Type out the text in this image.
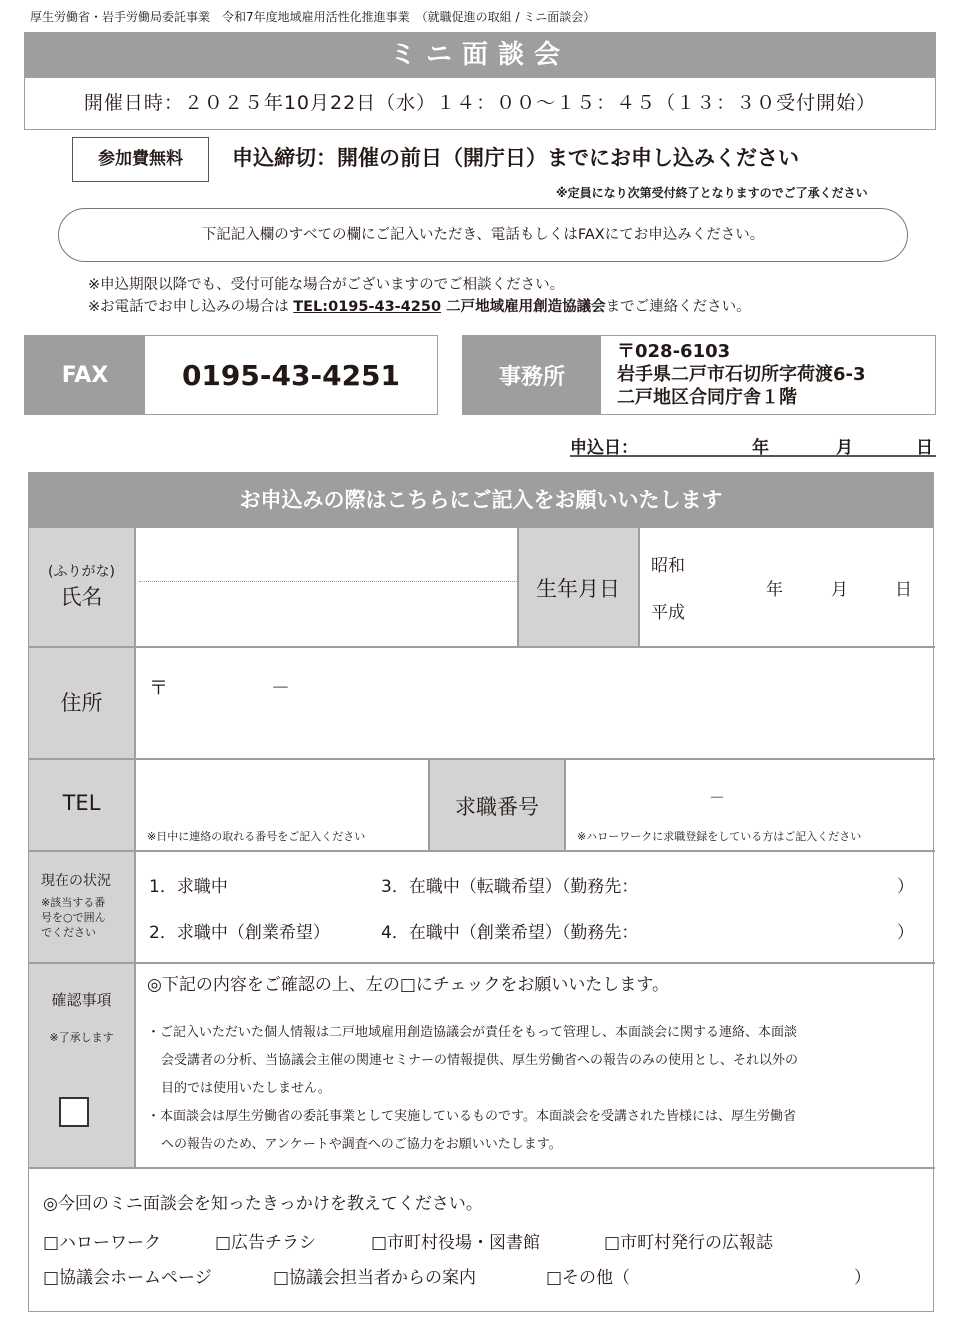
厚生労働省・岩手労働局委託事業　令和7年度地域雇用活性化推進事業　（就職促進の取組 / ミニ面談会）
ミニ面談会
開催日時：２０２５年10月22日（水）１４：００～１５：４５（１３：３０受付開始）
参加費無料	申込締切：開催の前日（開庁日）までにお申し込みください
※定員になり次第受付終了となりますのでご了承ください
下記記入欄のすべての欄にご記入いただき、電話もしくはFAXにてお申込みください。
※申込期限以降でも、受付可能な場合がございますのでご相談ください。
※お電話でお申し込みの場合は TEL:0195-43-4250 二戸地域雇用創造協議会までご連絡ください。
FAX	0195-43-4251	事務所
〒028-6103
岩手県二戸市石切所字荷渡6-3
二戸地区合同庁舎１階
申込日：	年	月	日
お申込みの際はこちらにご記入をお願いいたします
(ふりがな)
氏名	生年月日
昭和
平成
年	月	日
住所
〒	－
TEL
※日中に連絡の取れる番号をご記入ください
求職番号	－
※ハローワークに求職登録をしている方はご記入ください
現在の状況
※該当する番
号を○で囲ん
でください
1．求職中
2．求職中（創業希望）
3．在職中（転職希望）（勤務先：
4．在職中（創業希望）（勤務先：
）
）
確認事項
※了承します
◎下記の内容をご確認の上、左の□にチェックをお願いいたします。
・ご記入いただいた個人情報は二戸地域雇用創造協議会が責任をもって管理し、本面談会に関する連絡、本面談
会受講者の分析、当協議会主催の関連セミナーの情報提供、厚生労働省への報告のみの使用とし、それ以外の
目的では使用いたしません。
・本面談会は厚生労働省の委託事業として実施しているものです。本面談会を受講された皆様には、厚生労働省
への報告のため、アンケートや調査へのご協力をお願いいたします。
◎今回のミニ面談会を知ったきっかけを教えてください。
□ハローワーク	□広告チラシ	□市町村役場・図書館	□市町村発行の広報誌
□協議会ホームページ	□協議会担当者からの案内	□その他（	）
